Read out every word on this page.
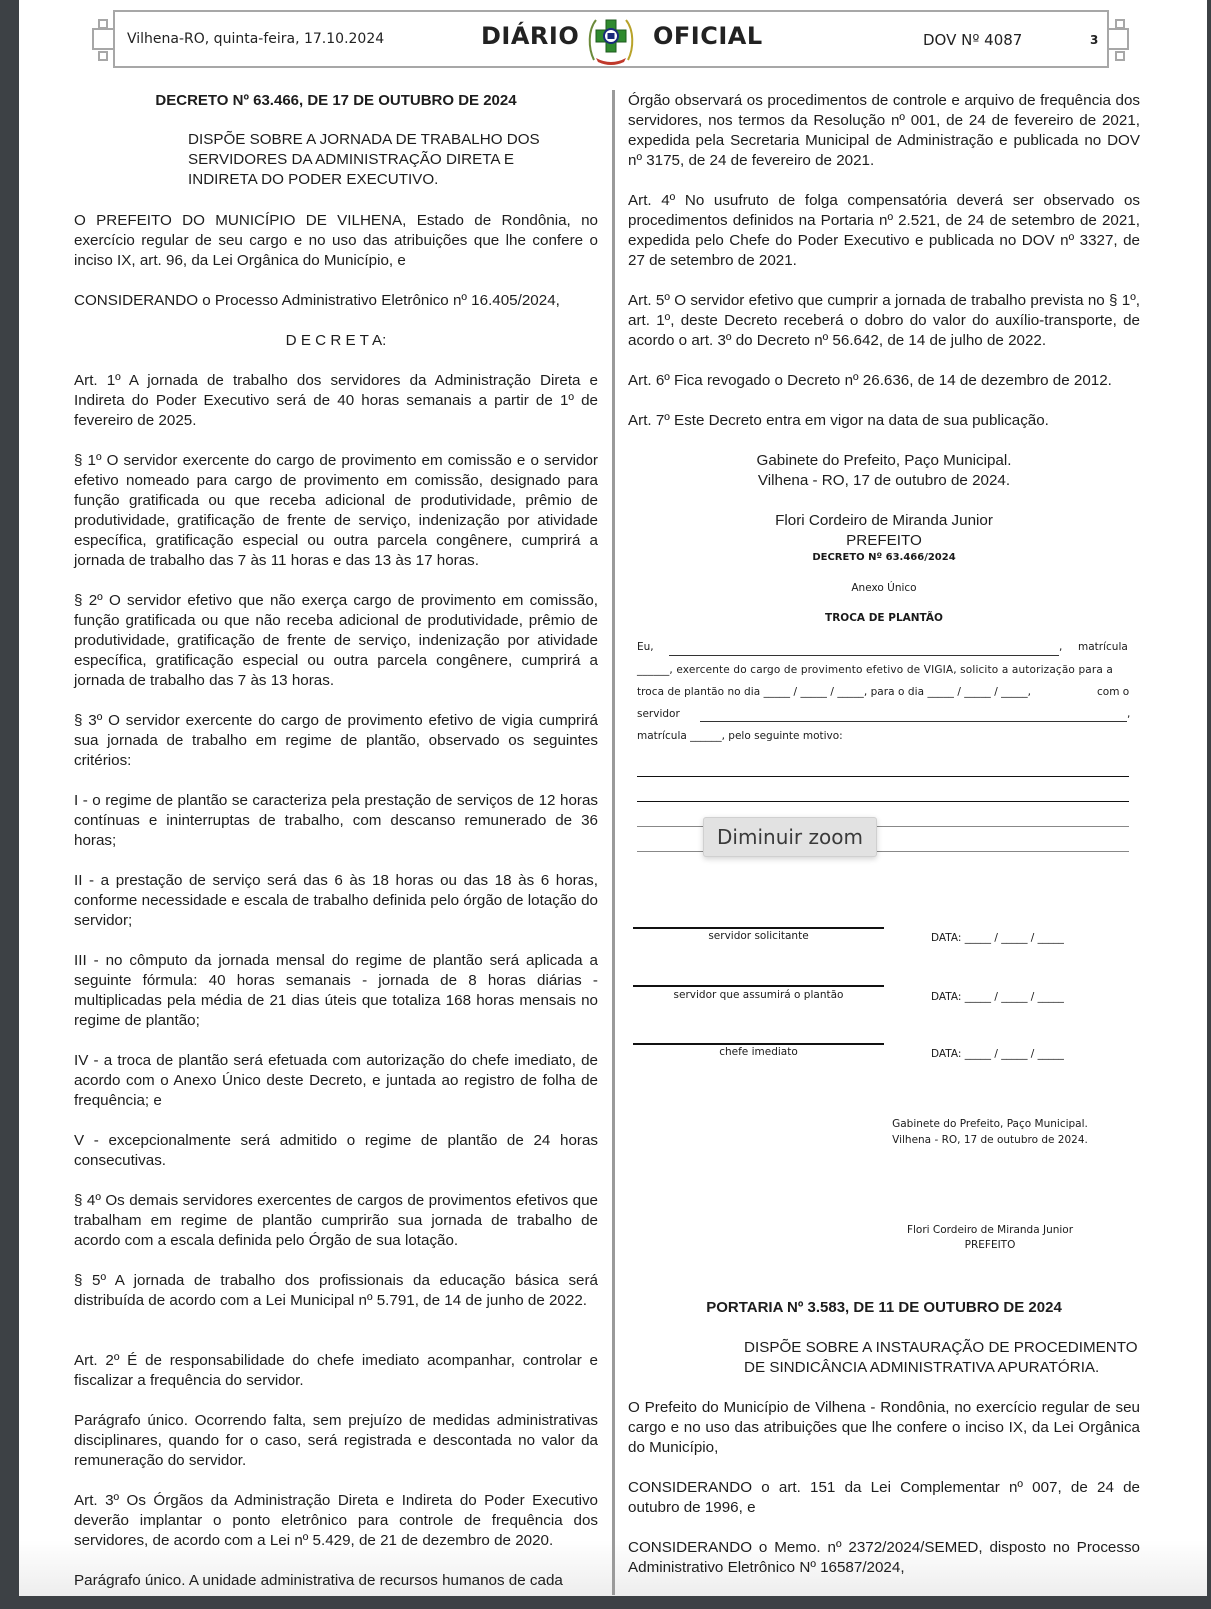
Vilhena-RO, quinta-feira, 17.10.2024	DIÁRIO	OFICIAL	DOV Nº 4087	3
DECRETO Nº 63.466, DE 17 DE OUTUBRO DE 2024
DISPÕE SOBRE A JORNADA DE TRABALHO DOS
SERVIDORES DA ADMINISTRAÇÃO DIRETA E
INDIRETA DO PODER EXECUTIVO.
O PREFEITO DO MUNICÍPIO DE VILHENA, Estado de Rondônia, no exercício regular de seu cargo e no uso das atribuições que lhe confere o inciso IX, art. 96, da Lei Orgânica do Município, e
CONSIDERANDO o Processo Administrativo Eletrônico nº 16.405/2024,
D E C R E T A:
Art. 1º A jornada de trabalho dos servidores da Administração Direta e Indireta do Poder Executivo será de 40 horas semanais a partir de 1º de fevereiro de 2025.
§ 1º O servidor exercente do cargo de provimento em comissão e o servidor efetivo nomeado para cargo de provimento em comissão, designado para função gratificada ou que receba adicional de produtividade, prêmio de produtividade, gratificação de frente de serviço, indenização por atividade específica, gratificação especial ou outra parcela congênere, cumprirá a jornada de trabalho das 7 às 11 horas e das 13 às 17 horas.
§ 2º O servidor efetivo que não exerça cargo de provimento em comissão, função gratificada ou que não receba adicional de produtividade, prêmio de produtividade, gratificação de frente de serviço, indenização por atividade específica, gratificação especial ou outra parcela congênere, cumprirá a jornada de trabalho das 7 às 13 horas.
§ 3º O servidor exercente do cargo de provimento efetivo de vigia cumprirá sua jornada de trabalho em regime de plantão, observado os seguintes critérios:
I - o regime de plantão se caracteriza pela prestação de serviços de 12 horas contínuas e ininterruptas de trabalho, com descanso remunerado de 36 horas;
II - a prestação de serviço será das 6 às 18 horas ou das 18 às 6 horas, conforme necessidade e escala de trabalho definida pelo órgão de lotação do servidor;
III - no cômputo da jornada mensal do regime de plantão será aplicada a seguinte fórmula: 40 horas semanais - jornada de 8 horas diárias - multiplicadas pela média de 21 dias úteis que totaliza 168 horas mensais no regime de plantão;
IV - a troca de plantão será efetuada com autorização do chefe imediato, de acordo com o Anexo Único deste Decreto, e juntada ao registro de folha de frequência; e
V - excepcionalmente será admitido o regime de plantão de 24 horas consecutivas.
§ 4º Os demais servidores exercentes de cargos de provimentos efetivos que trabalham em regime de plantão cumprirão sua jornada de trabalho de acordo com a escala definida pelo Órgão de sua lotação.
§ 5º A jornada de trabalho dos profissionais da educação básica será distribuída de acordo com a Lei Municipal nº 5.791, de 14 de junho de 2022.
Art. 2º É de responsabilidade do chefe imediato acompanhar, controlar e fiscalizar a frequência do servidor.
Parágrafo único. Ocorrendo falta, sem prejuízo de medidas administrativas disciplinares, quando for o caso, será registrada e descontada no valor da remuneração do servidor.
Art. 3º Os Órgãos da Administração Direta e Indireta do Poder Executivo deverão implantar o ponto eletrônico para controle de frequência dos servidores, de acordo com a Lei nº 5.429, de 21 de dezembro de 2020.
Parágrafo único. A unidade administrativa de recursos humanos de cada
Órgão observará os procedimentos de controle e arquivo de frequência dos servidores, nos termos da Resolução nº 001, de 24 de fevereiro de 2021, expedida pela Secretaria Municipal de Administração e publicada no DOV nº 3175, de 24 de fevereiro de 2021.
Art. 4º No usufruto de folga compensatória deverá ser observado os procedimentos definidos na Portaria nº 2.521, de 24 de setembro de 2021, expedida pelo Chefe do Poder Executivo e publicada no DOV nº 3327, de 27 de setembro de 2021.
Art. 5º O servidor efetivo que cumprir a jornada de trabalho prevista no § 1º, art. 1º, deste Decreto receberá o dobro do valor do auxílio-transporte, de acordo o art. 3º do Decreto nº 56.642, de 14 de julho de 2022.
Art. 6º Fica revogado o Decreto nº 26.636, de 14 de dezembro de 2012.
Art. 7º Este Decreto entra em vigor na data de sua publicação.
Gabinete do Prefeito, Paço Municipal.
Vilhena - RO, 17 de outubro de 2024.
Flori Cordeiro de Miranda Junior
PREFEITO
DECRETO Nº 63.466/2024
Anexo Único
TROCA DE PLANTÃO
Eu,	, matrícula
______, exercente do cargo de provimento efetivo de VIGIA, solicito a autorização para a
troca de plantão no dia _____ / _____ / _____, para o dia _____ / _____ / _____,	com o
servidor	,
matrícula ______, pelo seguinte motivo:
servidor solicitante	DATA: _____ / _____ / _____
servidor que assumirá o plantão	DATA: _____ / _____ / _____
chefe imediato	DATA: _____ / _____ / _____
Gabinete do Prefeito, Paço Municipal.
Vilhena - RO, 17 de outubro de 2024.
Flori Cordeiro de Miranda Junior
PREFEITO
PORTARIA Nº 3.583, DE 11 DE OUTUBRO DE 2024
DISPÕE SOBRE A INSTAURAÇÃO DE PROCEDIMENTO
DE SINDICÂNCIA ADMINISTRATIVA APURATÓRIA.
O Prefeito do Município de Vilhena - Rondônia, no exercício regular de seu cargo e no uso das atribuições que lhe confere o inciso IX, da Lei Orgânica do Município,
CONSIDERANDO o art. 151 da Lei Complementar nº 007, de 24 de outubro de 1996, e
CONSIDERANDO o Memo. nº 2372/2024/SEMED, disposto no Processo Administrativo Eletrônico Nº 16587/2024,
Diminuir zoom
